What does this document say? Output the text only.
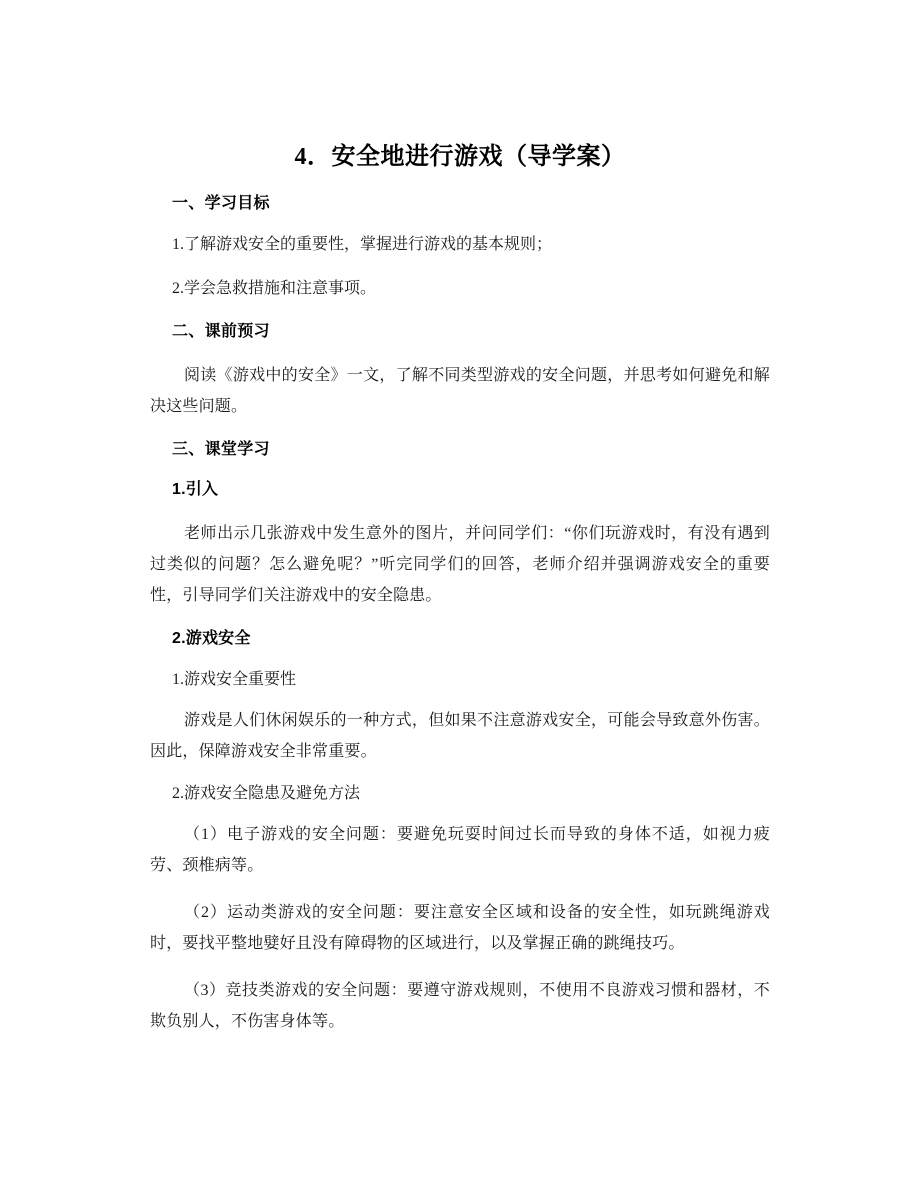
4．安全地进行游戏（导学案）
一、学习目标

1.了解游戏安全的重要性，掌握进行游戏的基本规则；

2.学会急救措施和注意事项。

二、课前预习

阅读《游戏中的安全》一文，了解不同类型游戏的安全问题，并思考如何避免和解决这些问题。

三、课堂学习
1.引入

老师出示几张游戏中发生意外的图片，并问同学们：“你们玩游戏时，有没有遇到过类似的问题？怎么避免呢？”听完同学们的回答，老师介绍并强调游戏安全的重要性，引导同学们关注游戏中的安全隐患。

2.游戏安全

1.游戏安全重要性

游戏是人们休闲娱乐的一种方式，但如果不注意游戏安全，可能会导致意外伤害。因此，保障游戏安全非常重要。

2.游戏安全隐患及避免方法

（1）电子游戏的安全问题：要避免玩耍时间过长而导致的身体不适，如视力疲劳、颈椎病等。

（2）运动类游戏的安全问题：要注意安全区域和设备的安全性，如玩跳绳游戏时，要找平整地嬖好且没有障碍物的区域进行，以及掌握正确的跳绳技巧。

（3）竞技类游戏的安全问题：要遵守游戏规则，不使用不良游戏习惯和器材，不欺负别人，不伤害身体等。
